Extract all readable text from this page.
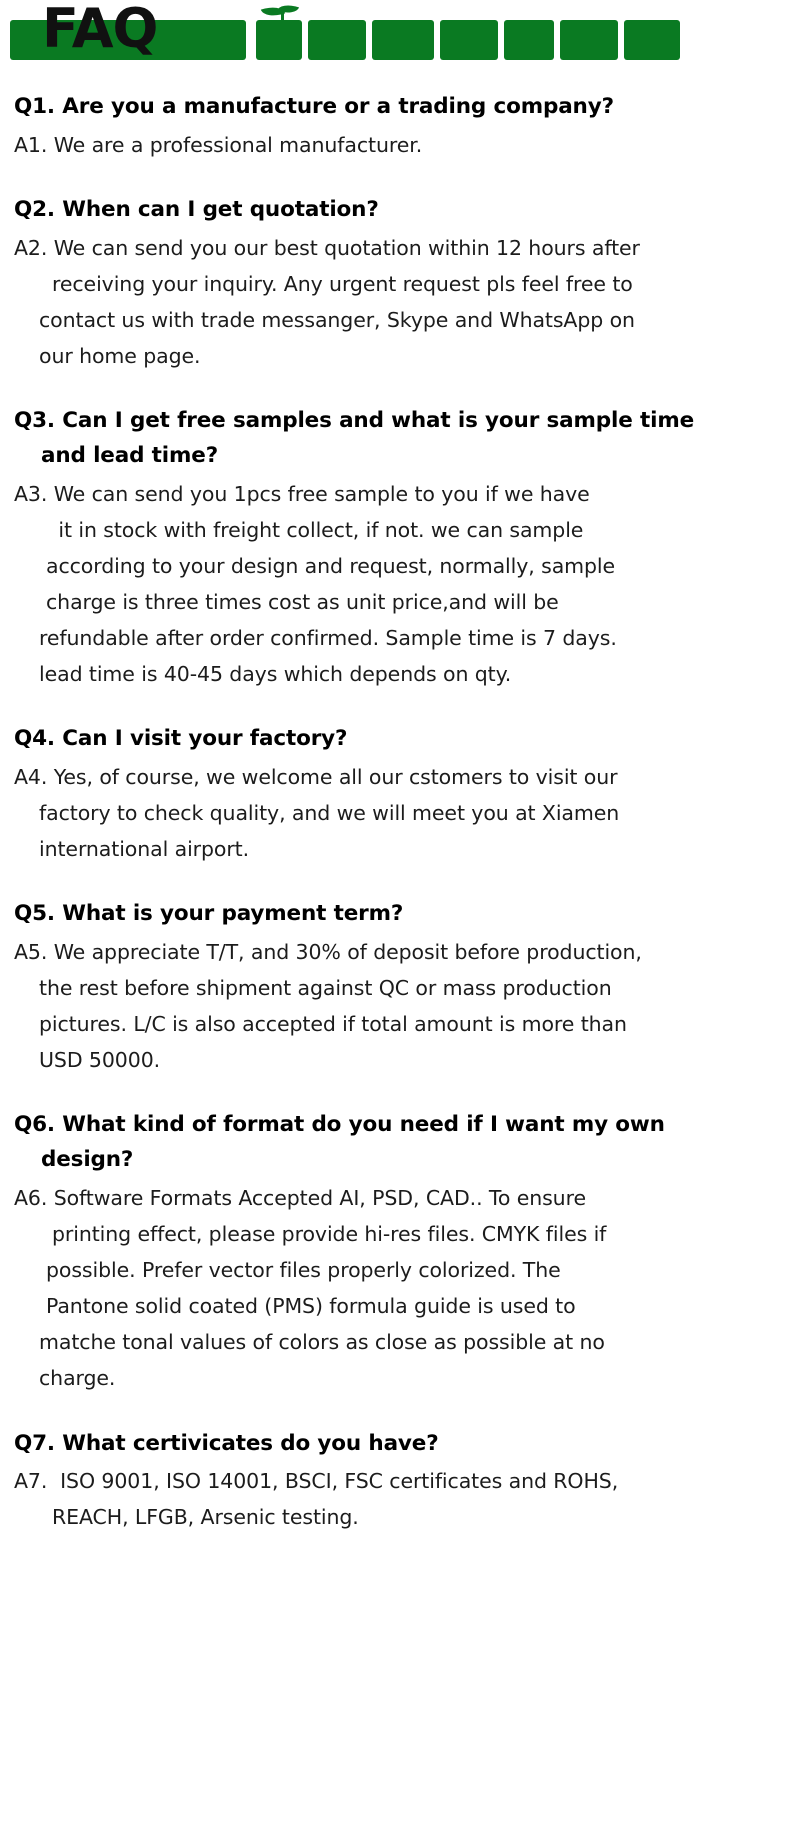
FAQ
Q1. Are you a manufacture or a trading company?
A1. We are a professional manufacturer.
Q2. When can I get quotation?
A2. We can send you our best quotation within 12 hours after
receiving your inquiry. Any urgent request pls feel free to
contact us with trade messanger, Skype and WhatsApp on
our home page.
Q3. Can I get free samples and what is your sample time
and lead time?
A3. We can send you 1pcs free sample to you if we have
it in stock with freight collect, if not. we can sample
according to your design and request, normally, sample
charge is three times cost as unit price,and will be
refundable after order confirmed. Sample time is 7 days.
lead time is 40-45 days which depends on qty.
Q4. Can I visit your factory?
A4. Yes, of course, we welcome all our cstomers to visit our
factory to check quality, and we will meet you at Xiamen
international airport.
Q5. What is your payment term?
A5. We appreciate T/T, and 30% of deposit before production,
the rest before shipment against QC or mass production
pictures. L/C is also accepted if total amount is more than
USD 50000.
Q6. What kind of format do you need if I want my own
design?
A6. Software Formats Accepted AI, PSD, CAD.. To ensure
printing effect, please provide hi-res files. CMYK files if
possible. Prefer vector files properly colorized. The
Pantone solid coated (PMS) formula guide is used to
matche tonal values of colors as close as possible at no
charge.
Q7. What certivicates do you have?
A7.  ISO 9001, ISO 14001, BSCI, FSC certificates and ROHS,
REACH, LFGB, Arsenic testing.
